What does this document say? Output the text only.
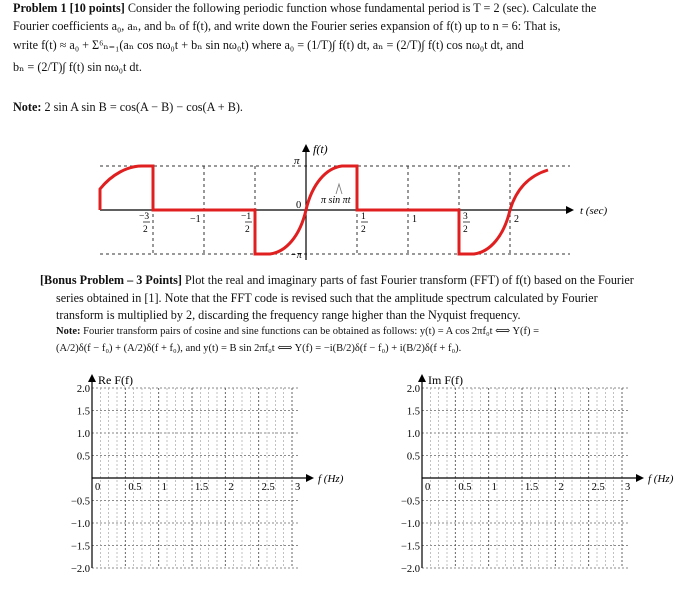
Problem 1 [10 points] Consider the following periodic function whose fundamental period is T = 2 (sec). Calculate the

Fourier coefficients a₀, aₙ, and bₙ of f(t), and write down the Fourier series expansion of f(t) up to n = 6: That is,

write f(t) ≈ a₀ + Σ⁶ₙ₌₁(aₙ cos nω₀t + bₙ sin nω₀t) where a₀ = (1/T)∫ f(t) dt, aₙ = (2/T)∫ f(t) cos nω₀t dt, and

bₙ = (2/T)∫ f(t) sin nω₀t dt.

Note: 2 sin A sin B = cos(A − B) − cos(A + B).

π
−π
0
f(t)
t (sec)
π sin πt
−3
2
−1	−1
2
1
2
1	3
2
2

[Bonus Problem – 3 Points] Plot the real and imaginary parts of fast Fourier transform (FFT) of f(t) based on the Fourier

series obtained in [1]. Note that the FFT code is revised such that the amplitude spectrum calculated by Fourier

transform is multiplied by 2, discarding the frequency range higher than the Nyquist frequency.

Note: Fourier transform pairs of cosine and sine functions can be obtained as follows: y(t) = A cos 2πf₀t ⟺ Y(f) =

(A/2)δ(f − f₀) + (A/2)δ(f + f₀), and y(t) = B sin 2πf₀t ⟺ Y(f) = −i(B/2)δ(f − f₀) + i(B/2)δ(f + f₀).

2.0
1.5
1.0
0.5
−0.5
−1.0
−1.5
−2.0
0	0.5 1	1.5 2	2.5 3
Re F(f)
f (Hz)
2.0
1.5
1.0
0.5
−0.5
−1.0
−1.5
−2.0
0	0.5 1	1.5 2	2.5 3
Im F(f)
f (Hz)
